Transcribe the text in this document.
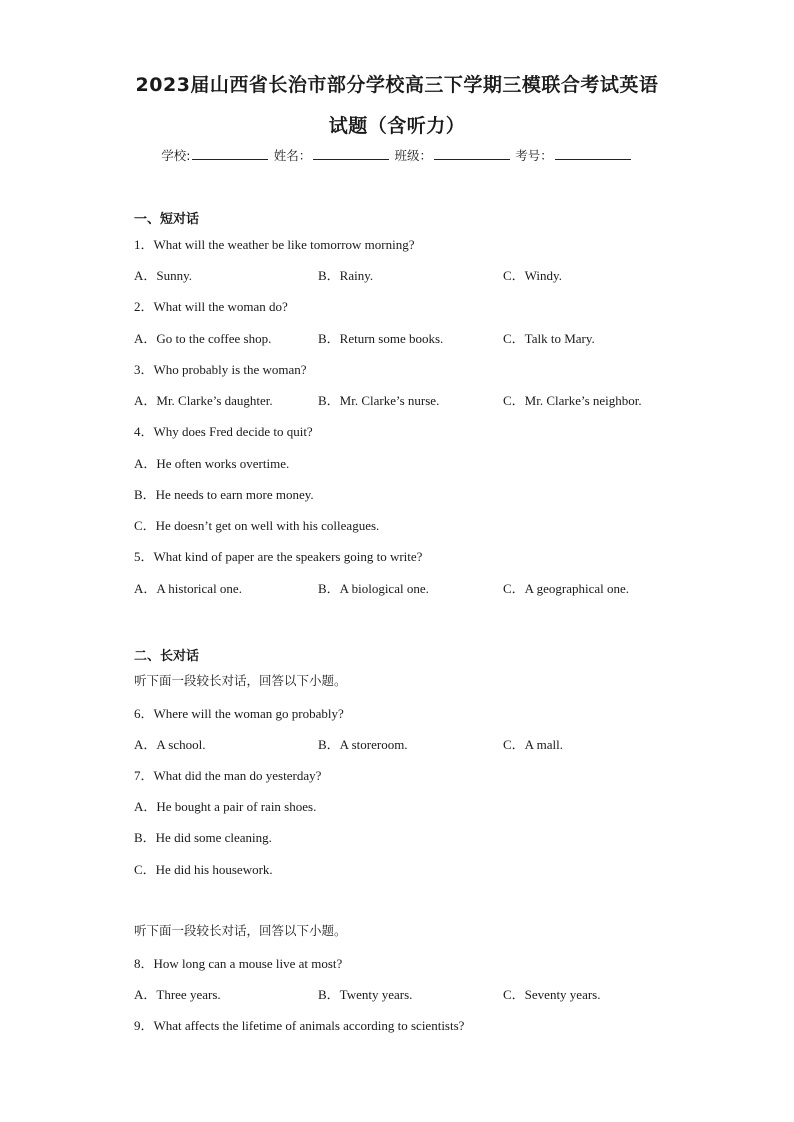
2023届山西省长治市部分学校高三下学期三模联合考试英语
试题（含听力）
学校:	姓名：	班级：	考号：
一、短对话
1．What will the weather be like tomorrow morning?
A．Sunny.	B．Rainy.	C．Windy.
2．What will the woman do?
A．Go to the coffee shop.	B．Return some books.	C．Talk to Mary.
3．Who probably is the woman?
A．Mr. Clarke’s daughter.	B．Mr. Clarke’s nurse.	C．Mr. Clarke’s neighbor.
4．Why does Fred decide to quit?
A．He often works overtime.
B．He needs to earn more money.
C．He doesn’t get on well with his colleagues.
5．What kind of paper are the speakers going to write?
A．A historical one.	B．A biological one.	C．A geographical one.
二、长对话
听下面一段较长对话，回答以下小题。
6．Where will the woman go probably?
A．A school.	B．A storeroom.	C．A mall.
7．What did the man do yesterday?
A．He bought a pair of rain shoes.
B．He did some cleaning.
C．He did his housework.
听下面一段较长对话，回答以下小题。
8．How long can a mouse live at most?
A．Three years.	B．Twenty years.	C．Seventy years.
9．What affects the lifetime of animals according to scientists?
